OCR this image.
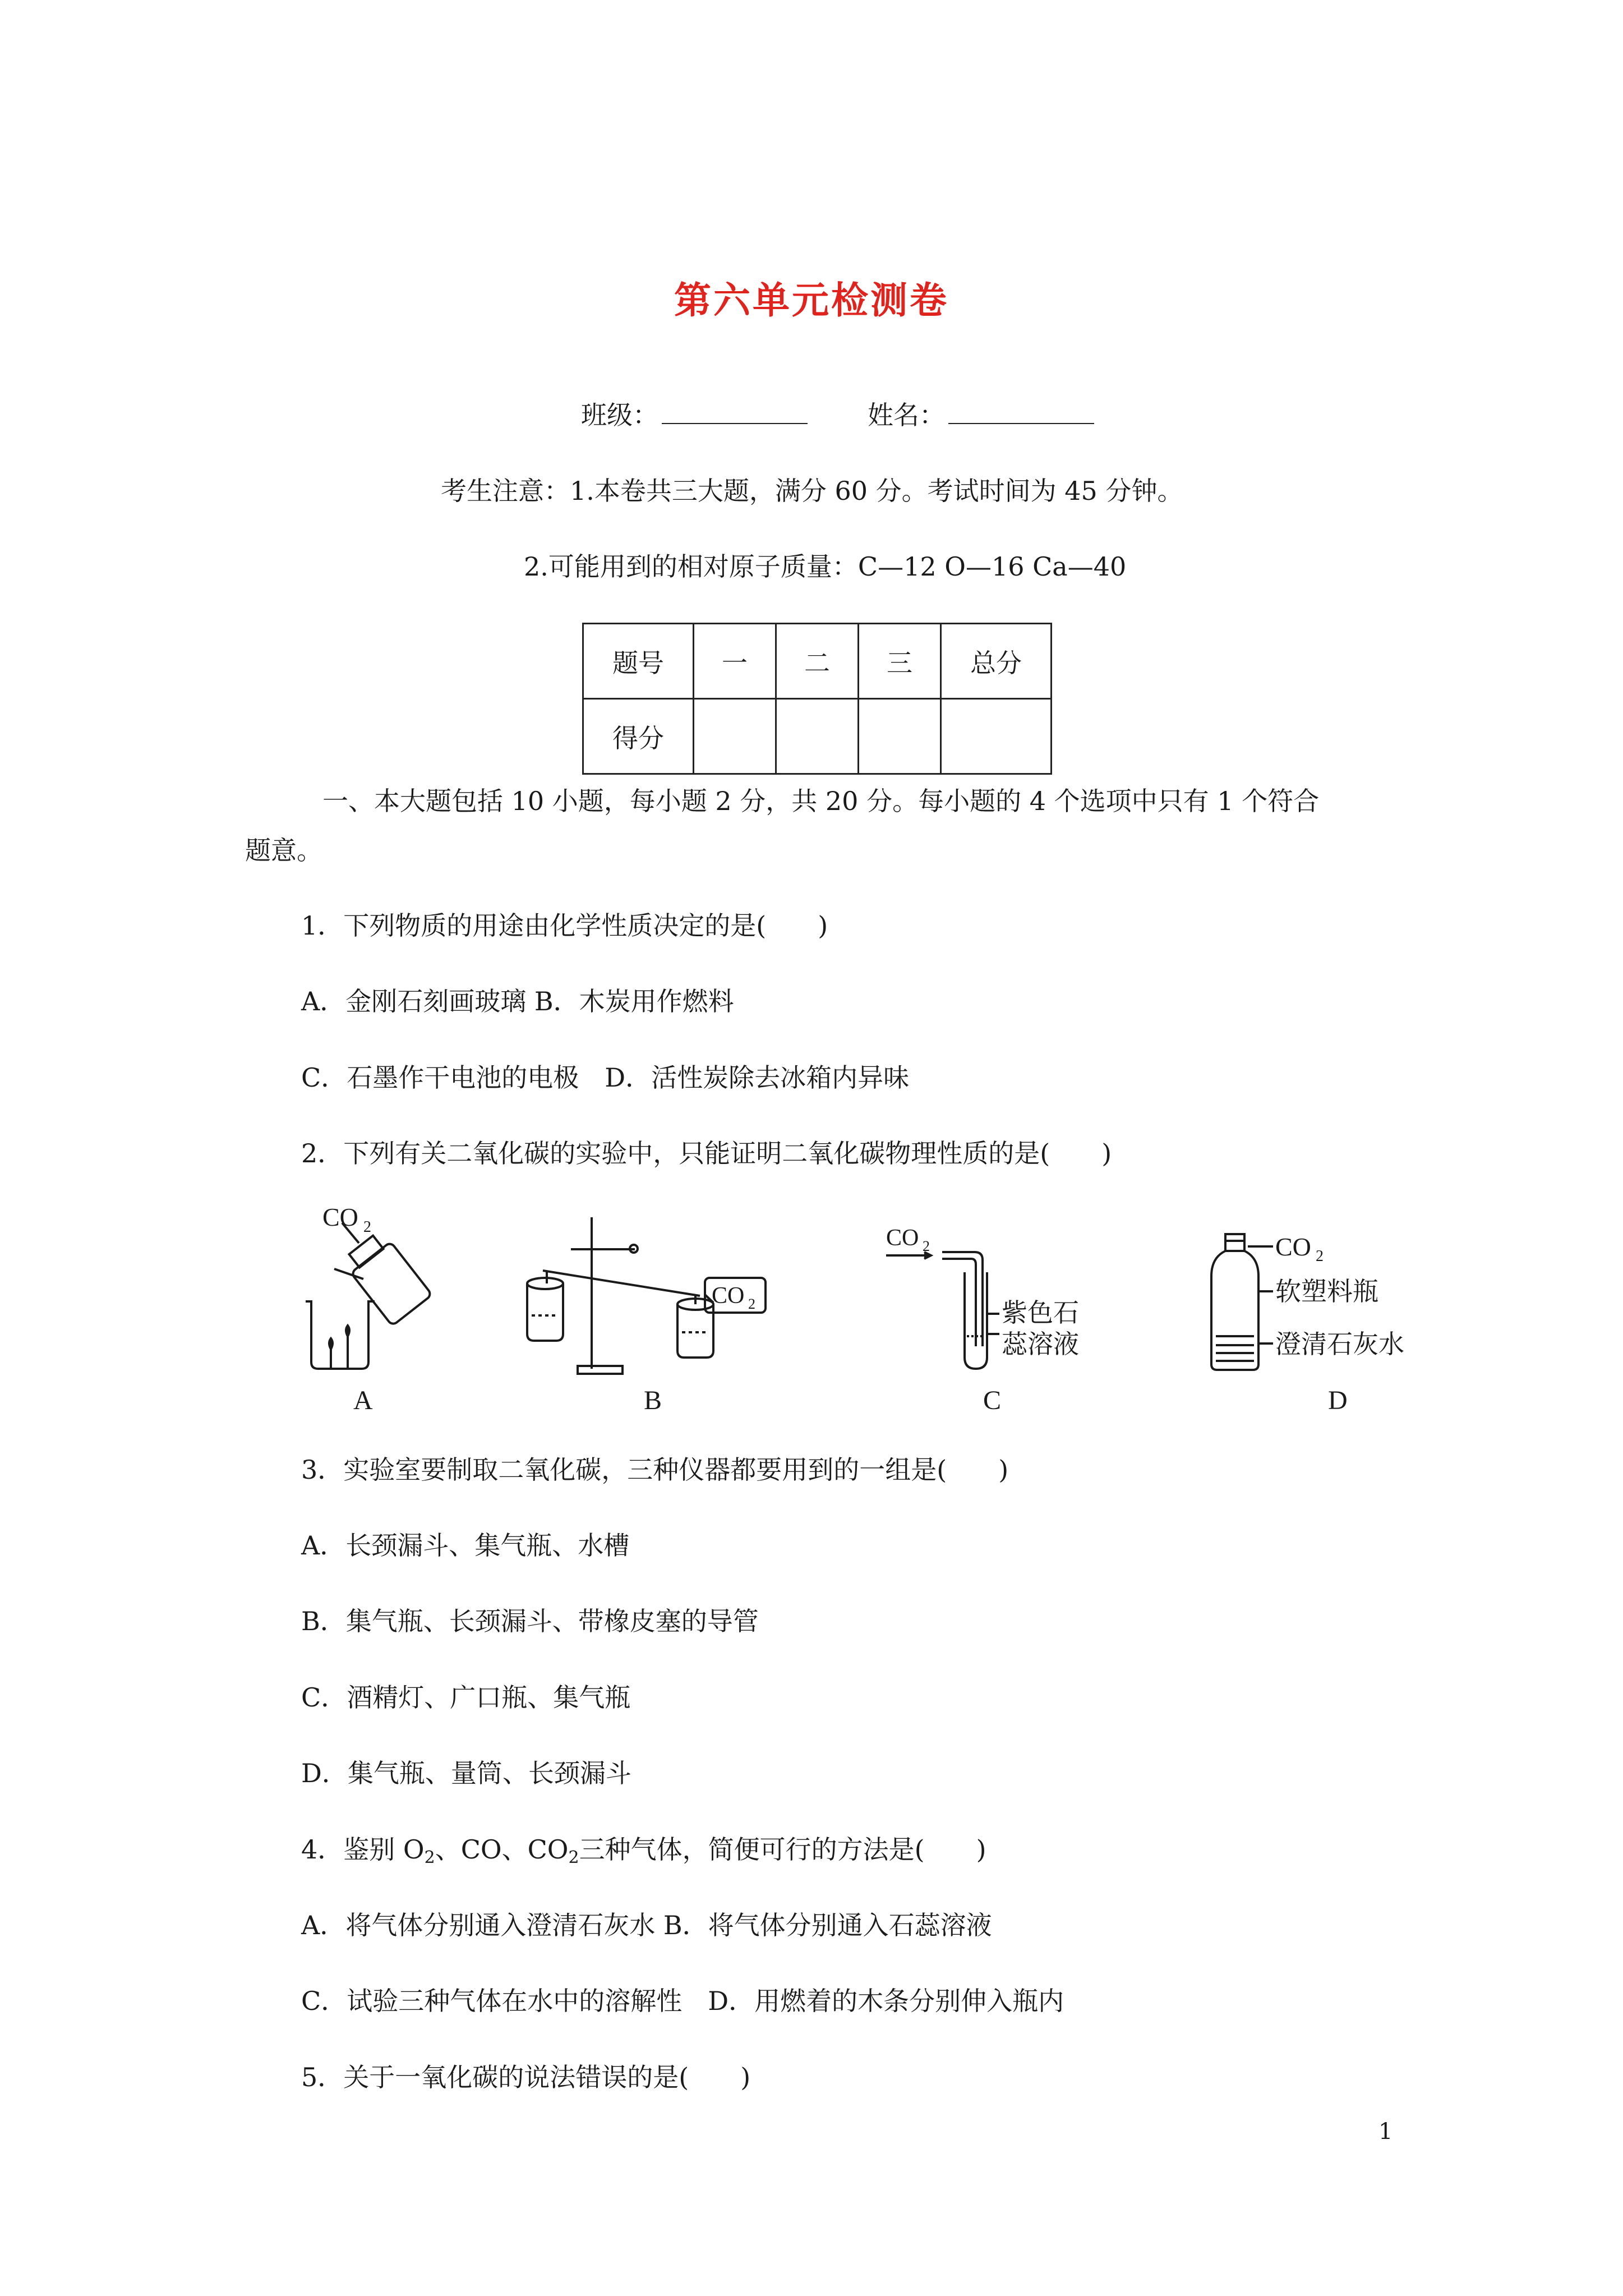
第六单元检测卷
班级：	姓名：
考生注意：1.本卷共三大题，满分 60 分。考试时间为 45 分钟。
2.可能用到的相对原子质量：C—12 O—16 Ca—40
题号	一	二	三	总分
得分				
一、本大题包括 10 小题，每小题 2 分，共 20 分。每小题的 4 个选项中只有 1 个符合
题意。
1．下列物质的用途由化学性质决定的是(　　)
A．金刚石刻画玻璃 B．木炭用作燃料
C．石墨作干电池的电极　D．活性炭除去冰箱内异味
2．下列有关二氧化碳的实验中，只能证明二氧化碳物理性质的是(　　)
CO 2
CO 2
CO 2
紫色石
蕊溶液
CO 2
软塑料瓶
澄清石灰水
A	B	C	D
3．实验室要制取二氧化碳，三种仪器都要用到的一组是(　　)
A．长颈漏斗、集气瓶、水槽
B．集气瓶、长颈漏斗、带橡皮塞的导管
C．酒精灯、广口瓶、集气瓶
D．集气瓶、量筒、长颈漏斗
4．鉴别 $O_2$、CO、$CO_2$三种气体，简便可行的方法是(　　)
A．将气体分别通入澄清石灰水 B．将气体分别通入石蕊溶液
C．试验三种气体在水中的溶解性　D．用燃着的木条分别伸入瓶内
5．关于一氧化碳的说法错误的是(　　)
1
